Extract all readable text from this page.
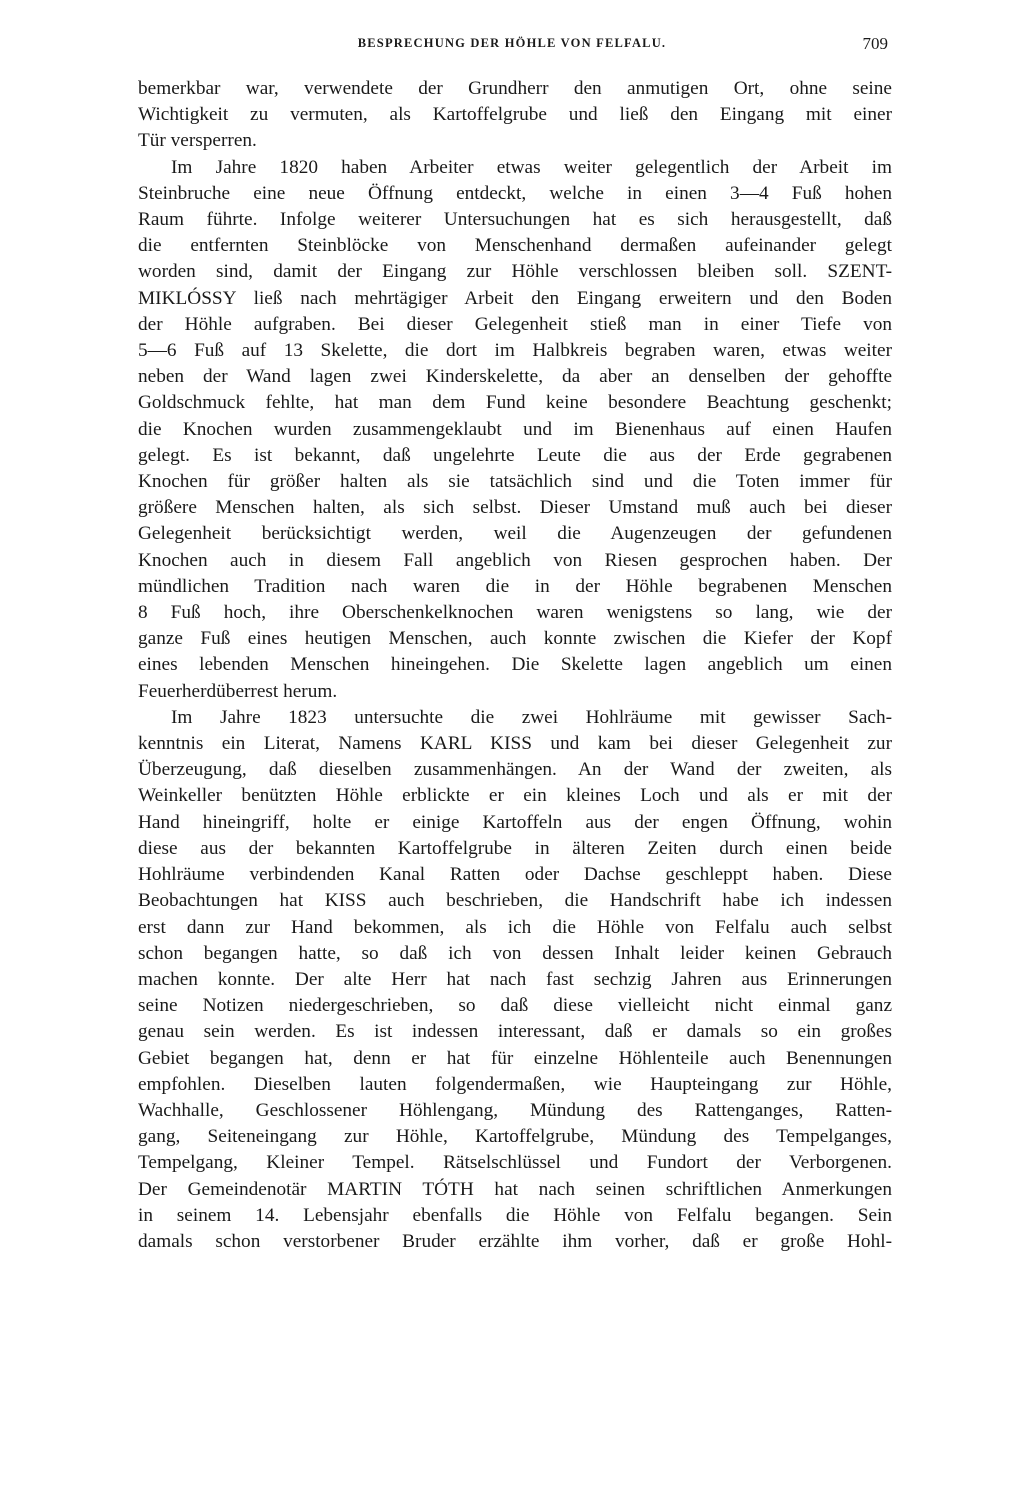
BESPRECHUNG DER HÖHLE VON FELFALU.	709
bemerkbar war, verwendete der Grundherr den anmutigen Ort, ohne seine
Wichtigkeit zu vermuten, als Kartoffelgrube und ließ den Eingang mit einer
Tür versperren.
Im Jahre 1820 haben Arbeiter etwas weiter gelegentlich der Arbeit im
Steinbruche eine neue Öffnung entdeckt, welche in einen 3—4 Fuß hohen
Raum führte. Infolge weiterer Untersuchungen hat es sich herausgestellt, daß
die entfernten Steinblöcke von Menschenhand dermaßen aufeinander gelegt
worden sind, damit der Eingang zur Höhle verschlossen bleiben soll. SZENT-
MIKLÓSSY ließ nach mehrtägiger Arbeit den Eingang erweitern und den Boden
der Höhle aufgraben. Bei dieser Gelegenheit stieß man in einer Tiefe von
5—6 Fuß auf 13 Skelette, die dort im Halbkreis begraben waren, etwas weiter
neben der Wand lagen zwei Kinderskelette, da aber an denselben der gehoffte
Goldschmuck fehlte, hat man dem Fund keine besondere Beachtung geschenkt;
die Knochen wurden zusammengeklaubt und im Bienenhaus auf einen Haufen
gelegt. Es ist bekannt, daß ungelehrte Leute die aus der Erde gegrabenen
Knochen für größer halten als sie tatsächlich sind und die Toten immer für
größere Menschen halten, als sich selbst. Dieser Umstand muß auch bei dieser
Gelegenheit berücksichtigt werden, weil die Augenzeugen der gefundenen
Knochen auch in diesem Fall angeblich von Riesen gesprochen haben. Der
mündlichen Tradition nach waren die in der Höhle begrabenen Menschen
8 Fuß hoch, ihre Oberschenkelknochen waren wenigstens so lang, wie der
ganze Fuß eines heutigen Menschen, auch konnte zwischen die Kiefer der Kopf
eines lebenden Menschen hineingehen. Die Skelette lagen angeblich um einen
Feuerherdüberrest herum.
Im Jahre 1823 untersuchte die zwei Hohlräume mit gewisser Sach-
kenntnis ein Literat, Namens KARL KISS und kam bei dieser Gelegenheit zur
Überzeugung, daß dieselben zusammenhängen. An der Wand der zweiten, als
Weinkeller benützten Höhle erblickte er ein kleines Loch und als er mit der
Hand hineingriff, holte er einige Kartoffeln aus der engen Öffnung, wohin
diese aus der bekannten Kartoffelgrube in älteren Zeiten durch einen beide
Hohlräume verbindenden Kanal Ratten oder Dachse geschleppt haben. Diese
Beobachtungen hat KISS auch beschrieben, die Handschrift habe ich indessen
erst dann zur Hand bekommen, als ich die Höhle von Felfalu auch selbst
schon begangen hatte, so daß ich von dessen Inhalt leider keinen Gebrauch
machen konnte. Der alte Herr hat nach fast sechzig Jahren aus Erinnerungen
seine Notizen niedergeschrieben, so daß diese vielleicht nicht einmal ganz
genau sein werden. Es ist indessen interessant, daß er damals so ein großes
Gebiet begangen hat, denn er hat für einzelne Höhlenteile auch Benennungen
empfohlen. Dieselben lauten folgendermaßen, wie Haupteingang zur Höhle,
Wachhalle, Geschlossener Höhlengang, Mündung des Rattenganges, Ratten-
gang, Seiteneingang zur Höhle, Kartoffelgrube, Mündung des Tempelganges,
Tempelgang, Kleiner Tempel. Rätselschlüssel und Fundort der Verborgenen.
Der Gemeindenotär MARTIN TÓTH hat nach seinen schriftlichen Anmerkungen
in seinem 14. Lebensjahr ebenfalls die Höhle von Felfalu begangen. Sein
damals schon verstorbener Bruder erzählte ihm vorher, daß er große Hohl-
